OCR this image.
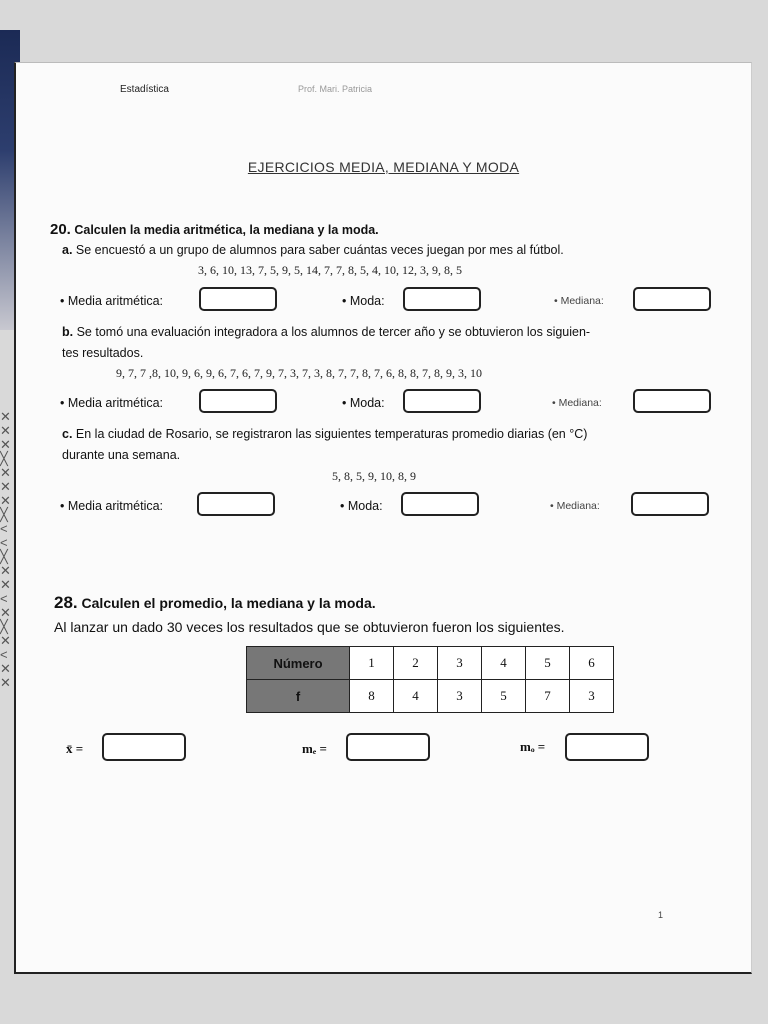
✕
✕
✕
╳
✕
✕
✕
╳
<
<
╳
✕
✕
<
✕
╳
✕
<
✕
✕
Estadística	Prof. Mari. Patricia
EJERCICIOS MEDIA, MEDIANA Y MODA
20. Calculen la media aritmética, la mediana y la moda.
a. Se encuestó a un grupo de alumnos para saber cuántas veces juegan por mes al fútbol.
3, 6, 10, 13, 7, 5, 9, 5, 14, 7, 7, 8, 5, 4, 10, 12, 3, 9, 8, 5
• Media aritmética:	• Moda:	• Mediana:
b. Se tomó una evaluación integradora a los alumnos de tercer año y se obtuvieron los siguien-
tes resultados.
9, 7, 7 ,8, 10, 9, 6, 9, 6, 7, 6, 7, 9, 7, 3, 7, 3, 8, 7, 7, 8, 7, 6, 8, 8, 7, 8, 9, 3, 10
• Media aritmética:	• Moda:	• Mediana:
c. En la ciudad de Rosario, se registraron las siguientes temperaturas promedio diarias (en °C)
durante una semana.
5, 8, 5, 9, 10, 8, 9
• Media aritmética:	• Moda:	• Mediana:
28. Calculen el promedio, la mediana y la moda.
Al lanzar un dado 30 veces los resultados que se obtuvieron fueron los siguientes.
Número	1	2	3	4	5	6
f	8	4	3	5	7	3
x̄ =	mₑ =	mₒ =
1
